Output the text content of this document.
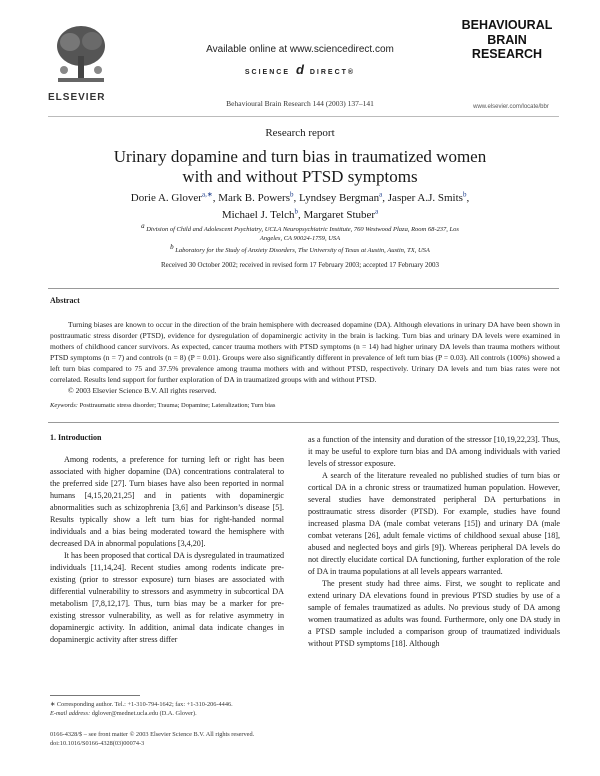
ELSEVIER
Available online at www.sciencedirect.com
SCIENCE d DIRECT®
Behavioural Brain Research 144 (2003) 137–141
BEHAVIOURAL
BRAIN
RESEARCH
www.elsevier.com/locate/bbr
Research report
Urinary dopamine and turn bias in traumatized women
with and without PTSD symptoms
Dorie A. Glover$^{a,∗}$, Mark B. Powers$^b$, Lyndsey Bergman$^a$, Jasper A.J. Smits$^b$,
Michael J. Telch$^b$, Margaret Stuber$^a$
$^a$ Division of Child and Adolescent Psychiatry, UCLA Neuropsychiatric Institute, 760 Westwood Plaza, Room 68-237, Los Angeles, CA 90024-1759, USA
$^b$ Laboratory for the Study of Anxiety Disorders, The University of Texas at Austin, Austin, TX, USA
Received 30 October 2002; received in revised form 17 February 2003; accepted 17 February 2003
Abstract
Turning biases are known to occur in the direction of the brain hemisphere with decreased dopamine (DA). Although elevations in urinary DA have been shown in posttraumatic stress disorder (PTSD), evidence for dysregulation of dopaminergic activity in the brain is lacking. Turn bias and urinary DA levels were examined in mothers of childhood cancer survivors. As expected, cancer trauma mothers with PTSD symptoms (n = 14) had higher urinary DA levels than trauma mothers without PTSD symptoms (n = 7) and controls (n = 8) (P = 0.01). Groups were also significantly different in prevalence of left turn bias (P = 0.03). All controls (100%) showed a left turn bias compared to 75 and 37.5% prevalence among trauma mothers with and without PTSD, respectively. Urinary DA levels and turn bias rates were not correlated. Results lend support for further exploration of DA in traumatized groups with and without PTSD.
© 2003 Elsevier Science B.V. All rights reserved.
Keywords: Posttraumatic stress disorder; Trauma; Dopamine; Lateralization; Turn bias
1. Introduction

Among rodents, a preference for turning left or right has been associated with higher dopamine (DA) concentrations contralateral to the preferred side [27]. Turn biases have also been reported in normal humans [4,15,20,21,25] and in patients with dopaminergic abnormalities such as schizophrenia [3,6] and Parkinson’s disease [5]. Results typically show a left turn bias for right-handed normal individuals and a bias being moderated toward the hemisphere with decreased DA in abnormal populations [3,4,20].

It has been proposed that cortical DA is dysregulated in traumatized individuals [11,14,24]. Recent studies among rodents indicate pre-existing (prior to stressor exposure) turn biases are associated with differential vulnerability to stressors and asymmetry in subcortical DA metabolism [7,8,12,17]. Thus, turn bias may be a marker for pre-existing stressor vulnerability, as well as for relative asymmetry in dopaminergic activity. In addition, animal data indicate changes in dopaminergic activity after stress differ

as a function of the intensity and duration of the stressor [10,19,22,23]. Thus, it may be useful to explore turn bias and DA among individuals with varied levels of stressor exposure.

A search of the literature revealed no published studies of turn bias or cortical DA in a chronic stress or traumatized human population. However, several studies have demonstrated peripheral DA perturbations in posttraumatic stress disorder (PTSD). For example, studies have found increased plasma DA (male combat veterans [15]) and urinary DA (male combat veterans [26], adult female victims of childhood sexual abuse [18], abused and neglected boys and girls [9]). Whereas peripheral DA levels do not directly elucidate cortical DA functioning, further exploration of the role of DA in trauma populations at all levels appears warranted.

The present study had three aims. First, we sought to replicate and extend urinary DA elevations found in previous PTSD studies by use of a sample of females traumatized as adults. No previous study of DA among women traumatized as adults was found. Furthermore, only one DA study in a PTSD sample included a comparison group of traumatized individuals without PTSD symptoms [18]. Although

∗ Corresponding author. Tel.: +1-310-794-1642; fax: +1-310-206-4446.
E-mail address: dglover@mednet.ucla.edu (D.A. Glover).
0166-4328/$ – see front matter © 2003 Elsevier Science B.V. All rights reserved.
doi:10.1016/S0166-4328(03)00074-3
